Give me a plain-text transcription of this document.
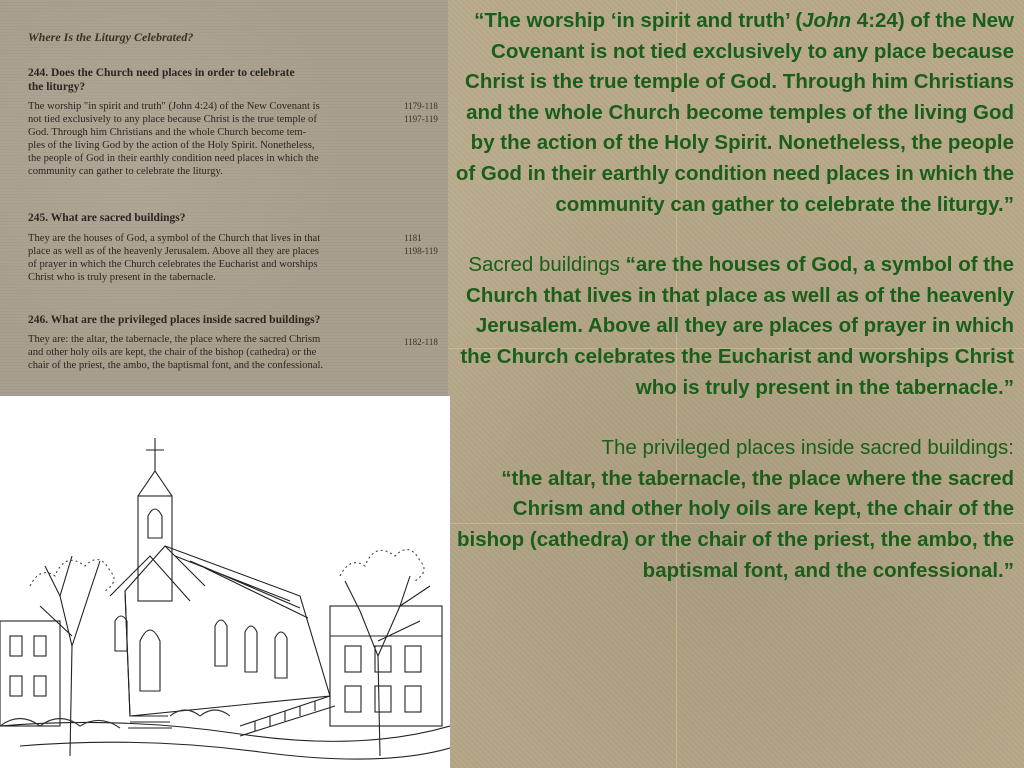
Where Is the Liturgy Celebrated?
244. Does the Church need places in order to celebrate
the liturgy?
The worship "in spirit and truth" (John 4:24) of the New Covenant is
not tied exclusively to any place because Christ is the true temple of
God. Through him Christians and the whole Church become tem-
ples of the living God by the action of the Holy Spirit. Nonetheless,
the people of God in their earthly condition need places in which the
community can gather to celebrate the liturgy.
1179-118
1197-119
245. What are sacred buildings?
They are the houses of God, a symbol of the Church that lives in that
place as well as of the heavenly Jerusalem. Above all they are places
of prayer in which the Church celebrates the Eucharist and worships
Christ who is truly present in the tabernacle.
1181
1198-119
246. What are the privileged places inside sacred buildings?
They are: the altar, the tabernacle, the place where the sacred Chrism
and other holy oils are kept, the chair of the bishop (cathedra) or the
chair of the priest, the ambo, the baptismal font, and the confessional.
1182-118

“The worship ‘in spirit and truth’ (John 4:24) of the New Covenant is not tied exclusively to any place because Christ is the true temple of God. Through him Christians and the whole Church become temples of the living God by the action of the Holy Spirit. Nonetheless, the people of God in their earthly condition need places in which the community can gather to celebrate the liturgy.”

Sacred buildings “are the houses of God, a symbol of the Church that lives in that place as well as of the heavenly Jerusalem. Above all they are places of prayer in which the Church celebrates the Eucharist and worships Christ who is truly present in the tabernacle.”

The privileged places inside sacred buildings:
“the altar, the tabernacle, the place where the sacred Chrism and other holy oils are kept, the chair of the bishop (cathedra) or the chair of the priest, the ambo, the baptismal font, and the confessional.”
